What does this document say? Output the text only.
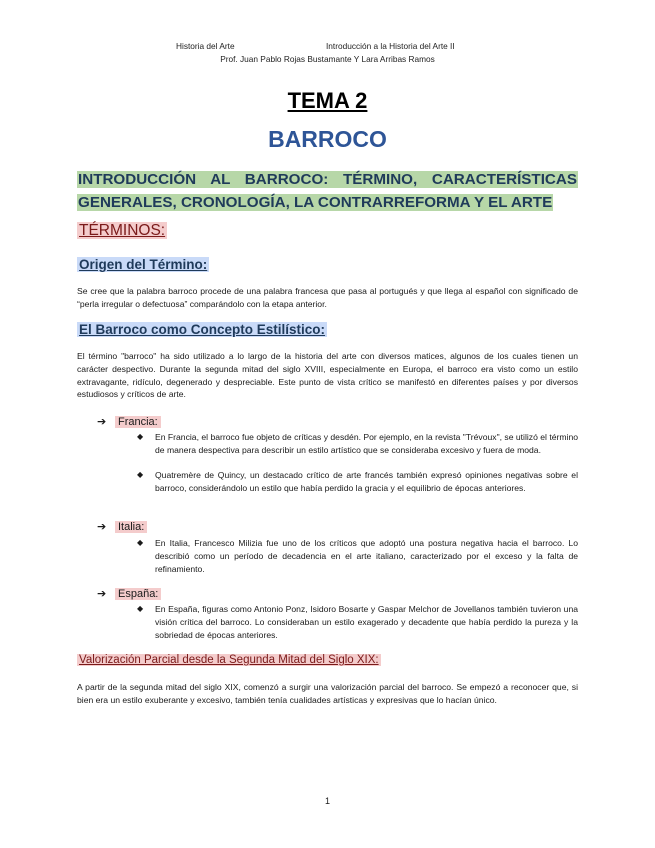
Historia del Arte	Introducción a la Historia del Arte II
Prof. Juan Pablo Rojas Bustamante Y Lara Arribas Ramos
TEMA 2
BARROCO
INTRODUCCIÓN AL BARROCO: TÉRMINO, CARACTERÍSTICAS GENERALES, CRONOLOGÍA, LA CONTRARREFORMA Y EL ARTE
TÉRMINOS:
Origen del Término:
Se cree que la palabra barroco procede de una palabra francesa que pasa al portugués y que llega al español con significado de “perla irregular o defectuosa” comparándolo con la etapa anterior.
El Barroco como Concepto Estilístico:
El término "barroco" ha sido utilizado a lo largo de la historia del arte con diversos matices, algunos de los cuales tienen un carácter despectivo. Durante la segunda mitad del siglo XVIII, especialmente en Europa, el barroco era visto como un estilo extravagante, ridículo, degenerado y despreciable. Este punto de vista crítico se manifestó en diferentes países y por diversos estudiosos y críticos de arte.
➔ Francia:
◆ En Francia, el barroco fue objeto de críticas y desdén. Por ejemplo, en la revista "Trévoux", se utilizó el término de manera despectiva para describir un estilo artístico que se consideraba excesivo y fuera de moda.
◆ Quatremère de Quincy, un destacado crítico de arte francés también expresó opiniones negativas sobre el barroco, considerándolo un estilo que había perdido la gracia y el equilibrio de épocas anteriores.
➔ Italia:
◆ En Italia, Francesco Milizia fue uno de los críticos que adoptó una postura negativa hacia el barroco. Lo describió como un período de decadencia en el arte italiano, caracterizado por el exceso y la falta de refinamiento.
➔ España:
◆ En España, figuras como Antonio Ponz, Isidoro Bosarte y Gaspar Melchor de Jovellanos también tuvieron una visión crítica del barroco. Lo consideraban un estilo exagerado y decadente que había perdido la pureza y la sobriedad de épocas anteriores.
Valorización Parcial desde la Segunda Mitad del Siglo XIX:
A partir de la segunda mitad del siglo XIX, comenzó a surgir una valorización parcial del barroco. Se empezó a reconocer que, si bien era un estilo exuberante y excesivo, también tenía cualidades artísticas y expresivas que lo hacían único.
1
